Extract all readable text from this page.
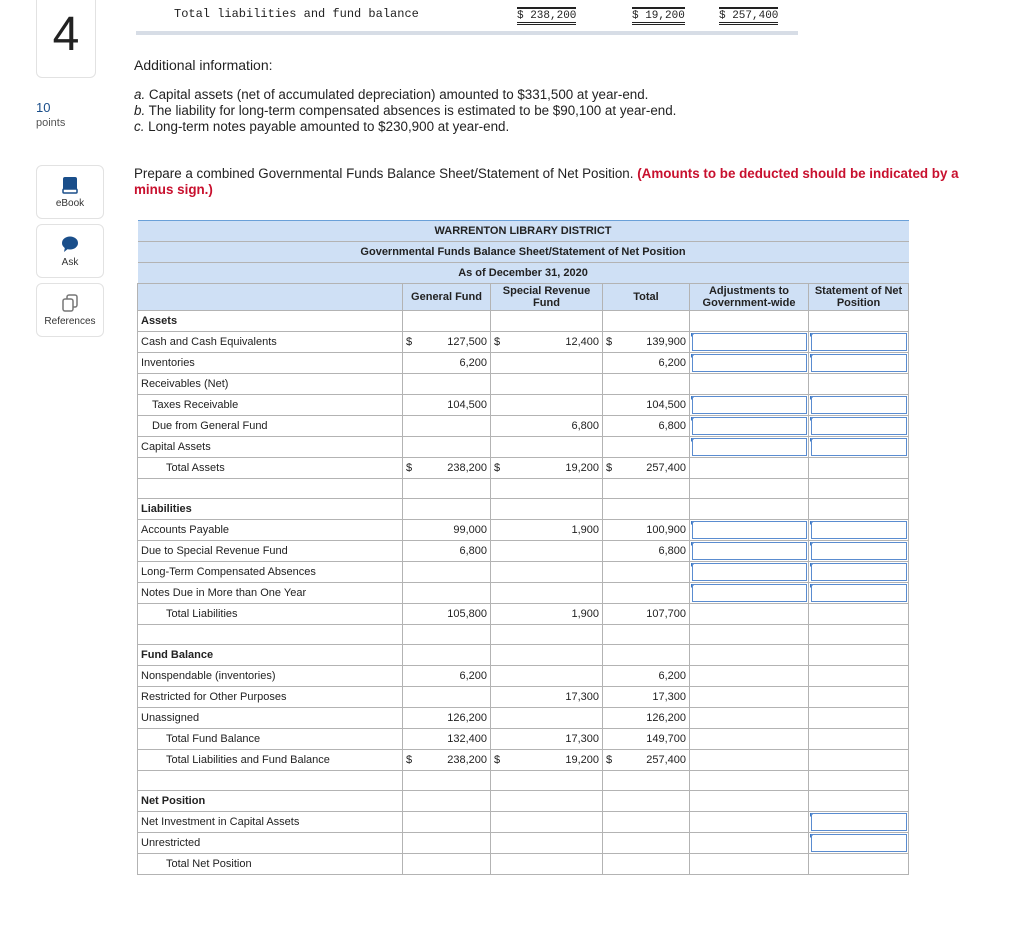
4
10
points
eBook
Ask
References
Total liabilities and fund balance	$ 238,200	$ 19,200	$ 257,400
Additional information:
a. Capital assets (net of accumulated depreciation) amounted to $331,500 at year-end.
b. The liability for long-term compensated absences is estimated to be $90,100 at year-end.
c. Long-term notes payable amounted to $230,900 at year-end.
Prepare a combined Governmental Funds Balance Sheet/Statement of Net Position. (Amounts to be deducted should be indicated by a minus sign.)
WARRENTON LIBRARY DISTRICT					
Governmental Funds Balance Sheet/Statement of Net Position					
As of December 31, 2020					
	General Fund	Special Revenue Fund	Total	Adjustments to Government-wide	Statement of Net Position
Assets					
Cash and Cash Equivalents	$ 127,500	$ 12,400	$ 139,900	

Inventories	6,200		6,200	

Receivables (Net)					
Taxes Receivable	104,500		104,500	

Due from General Fund		6,800	6,800	

Capital Assets				

Total Assets	$ 238,200	$ 19,200	$ 257,400		

Liabilities					
Accounts Payable	99,000	1,900	100,900	

Due to Special Revenue Fund	6,800		6,800	

Long-Term Compensated Absences				

Notes Due in More than One Year				

Total Liabilities	105,800	1,900	107,700		

Fund Balance					
Nonspendable (inventories)	6,200		6,200		
Restricted for Other Purposes		17,300	17,300		
Unassigned	126,200		126,200		
Total Fund Balance	132,400	17,300	149,700		
Total Liabilities and Fund Balance	$ 238,200	$ 19,200	$ 257,400		

Net Position					
Net Investment in Capital Assets					

Unrestricted					

Total Net Position					
